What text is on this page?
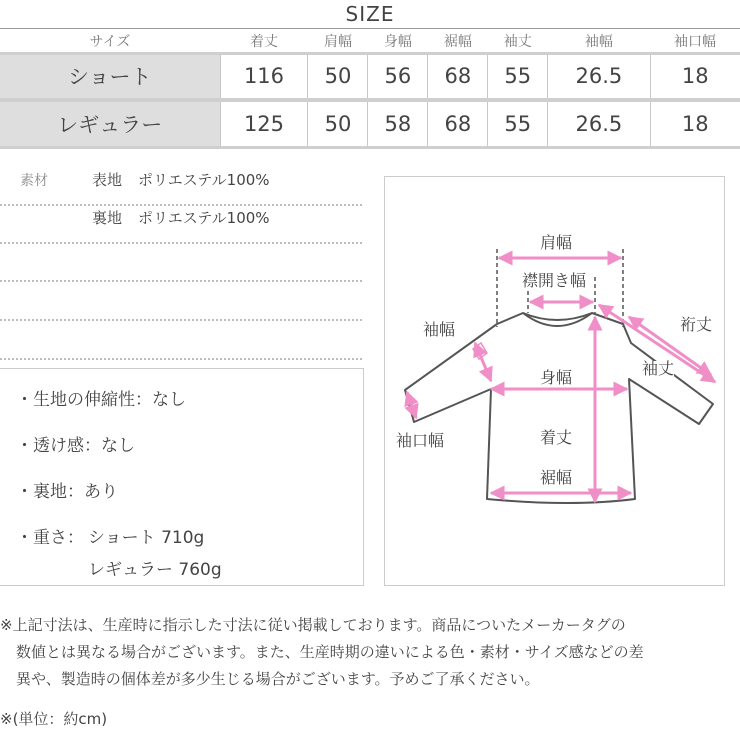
SIZE
サイズ	着丈	肩幅	身幅	裾幅	袖丈	袖幅	袖口幅
ショート	116	50	56	68	55	26.5	18
レギュラー	125	50	58	68	55	26.5	18
素材	表地 ポリエステル100%
裏地 ポリエステル100%
・生地の伸縮性：なし
・透け感：なし
・裏地：あり
・重さ： ショート 710g
レギュラー 760g
肩幅
襟開き幅
裄丈
袖幅
袖丈
身幅
袖口幅	着丈
裾幅

※上記寸法は、生産時に指示した寸法に従い掲載しております。商品についたメーカータグの

数値とは異なる場合がございます。また、生産時期の違いによる色・素材・サイズ感などの差

異や、製造時の個体差が多少生じる場合がございます。予めご了承ください。

※(単位：約cm)
